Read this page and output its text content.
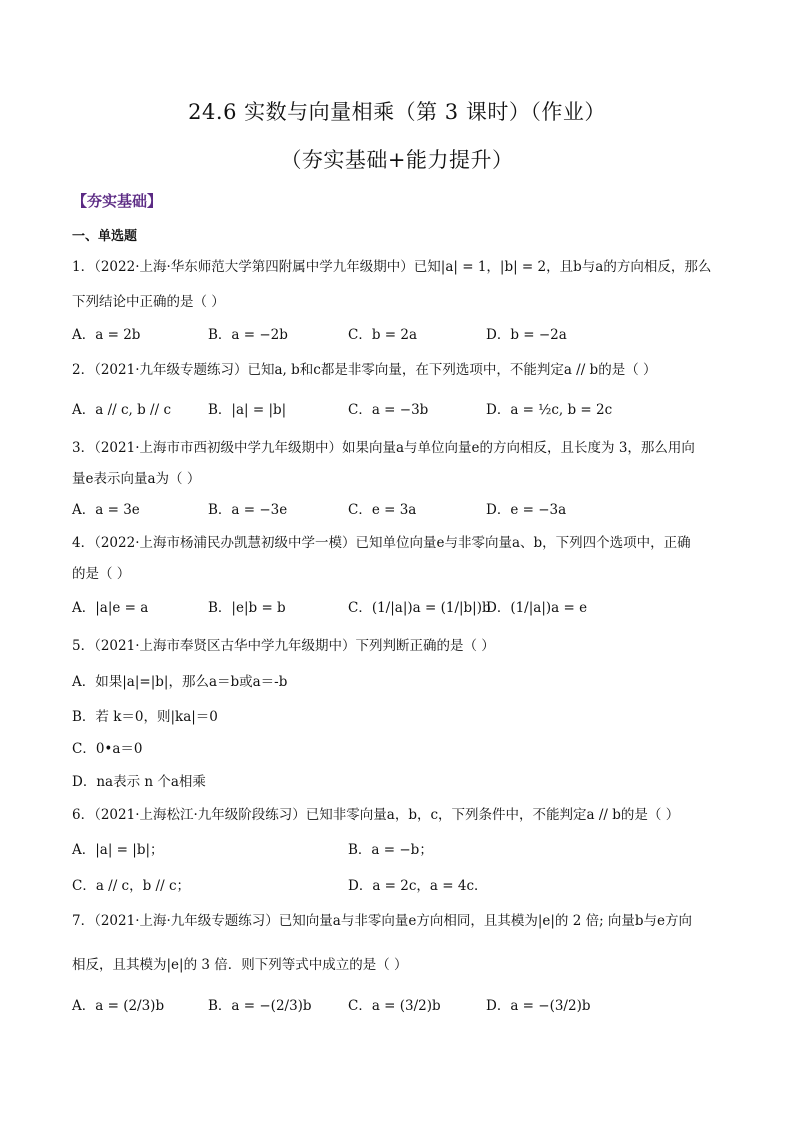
24.6 实数与向量相乘（第 3 课时）（作业）
（夯实基础+能力提升）
【夯实基础】
一、单选题
1．（2022·上海·华东师范大学第四附属中学九年级期中）已知|a| = 1，|b| = 2，且b与a的方向相反，那么
下列结论中正确的是（ ）
A．a = 2b	B．a = −2b	C．b = 2a	D．b = −2a
2．（2021·九年级专题练习）已知a, b和c都是非零向量，在下列选项中，不能判定a // b的是（ ）
A．a // c, b // c	B．|a| = |b|	C．a = −3b	D．a = ½c, b = 2c
3．（2021·上海市市西初级中学九年级期中）如果向量a与单位向量e的方向相反，且长度为 3，那么用向
量e表示向量a为（ ）
A．a = 3e	B．a = −3e	C．e = 3a	D．e = −3a
4．（2022·上海市杨浦民办凯慧初级中学一模）已知单位向量e与非零向量a、b，下列四个选项中，正确
的是（ ）
A．|a|e = a	B．|e|b = b	C．(1/|a|)a = (1/|b|)b
D．(1/|a|)a = e
5．（2021·上海市奉贤区古华中学九年级期中）下列判断正确的是（ ）
A．如果|a|=|b|，那么a＝b或a＝-b
B．若 k＝0，则|ka|＝0
C．0•a＝0
D．na表示 n 个a相乘
6．（2021·上海松江·九年级阶段练习）已知非零向量a，b，c，下列条件中，不能判定a // b的是（ ）
A．|a| = |b|；	B．a = −b；
C．a // c，b // c；	D．a = 2c，a = 4c．
7．（2021·上海·九年级专题练习）已知向量a与非零向量e方向相同，且其模为|e|的 2 倍; 向量b与e方向
相反，且其模为|e|的 3 倍．则下列等式中成立的是（ ）
A．a = (2/3)b	B．a = −(2/3)b	C．a = (3/2)b	D．a = −(3/2)b
